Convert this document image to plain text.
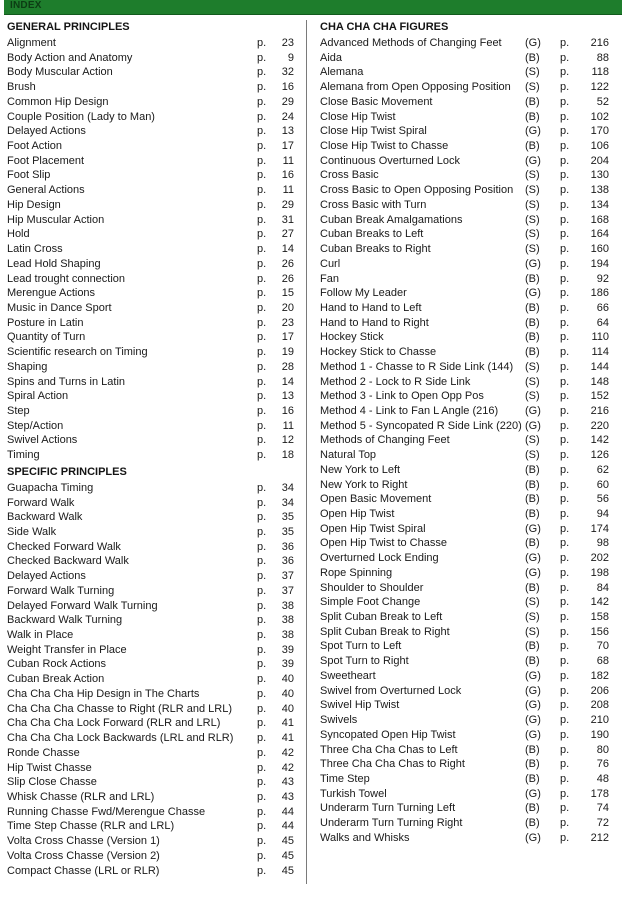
INDEX
GENERAL PRINCIPLES
Alignment	p.	23
Body Action and Anatomy	p.	9
Body Muscular Action	p.	32
Brush	p.	16
Common Hip Design	p.	29
Couple Position (Lady to Man)	p.	24
Delayed Actions	p.	13
Foot Action	p.	17
Foot Placement	p.	11
Foot Slip	p.	16
General Actions	p.	11
Hip Design	p.	29
Hip Muscular Action	p.	31
Hold	p.	27
Latin Cross	p.	14
Lead Hold Shaping	p.	26
Lead trought connection	p.	26
Merengue Actions	p.	15
Music in Dance Sport	p.	20
Posture in Latin	p.	23
Quantity of Turn	p.	17
Scientific research on Timing	p.	19
Shaping	p.	28
Spins and Turns in Latin	p.	14
Spiral Action	p.	13
Step	p.	16
Step/Action	p.	11
Swivel Actions	p.	12
Timing	p.	18
SPECIFIC PRINCIPLES
Guapacha Timing	p.	34
Forward Walk	p.	34
Backward Walk	p.	35
Side Walk	p.	35
Checked Forward Walk	p.	36
Checked Backward Walk	p.	36
Delayed Actions	p.	37
Forward Walk Turning	p.	37
Delayed Forward Walk Turning	p.	38
Backward Walk Turning	p.	38
Walk in Place	p.	38
Weight Transfer in Place	p.	39
Cuban Rock Actions	p.	39
Cuban Break Action	p.	40
Cha Cha Cha Hip Design in The Charts	p.	40
Cha Cha Cha Chasse to Right (RLR and LRL) p.	40
Cha Cha Cha Lock Forward (RLR and LRL)	p.	41
Cha Cha Cha Lock Backwards (LRL and RLR) p.	41
Ronde Chasse	p.	42
Hip Twist Chasse	p.	42
Slip Close Chasse	p.	43
Whisk Chasse (RLR and LRL)	p.	43
Running Chasse Fwd/Merengue Chasse	p.	44
Time Step Chasse (RLR and LRL)	p.	44
Volta Cross Chasse (Version 1)	p.	45
Volta Cross Chasse (Version 2)	p.	45
Compact Chasse (LRL or RLR)	p.	45
CHA CHA CHA FIGURES
Advanced Methods of Changing Feet (G) p.	216
Aida	(B) p.	88
Alemana	(S) p.	118
Alemana from Open Opposing Position (S) p.	122
Close Basic Movement	(B) p.	52
Close Hip Twist	(B) p.	102
Close Hip Twist Spiral	(G) p.	170
Close Hip Twist to Chasse	(B) p.	106
Continuous Overturned Lock	(G) p.	204
Cross Basic	(S) p.	130
Cross Basic to Open Opposing Position (S) p.	138
Cross Basic with Turn	(S) p.	134
Cuban Break Amalgamations	(S) p.	168
Cuban Breaks to Left	(S) p.	164
Cuban Breaks to Right	(S) p.	160
Curl	(G) p.	194
Fan	(B) p.	92
Follow My Leader	(G) p.	186
Hand to Hand to Left	(B) p.	66
Hand to Hand to Right	(B) p.	64
Hockey Stick	(B) p.	110
Hockey Stick to Chasse	(B) p.	114
Method 1 - Chasse to R Side Link (144) (S) p.	144
Method 2 - Lock to R Side Link	(S) p.	148
Method 3 - Link to Open Opp Pos	(S) p.	152
Method 4 - Link to Fan L Angle (216) (G) p.	216
Method 5 - Syncopated R Side Link (220) (G) p.	220
Methods of Changing Feet	(S) p.	142
Natural Top	(S) p.	126
New York to Left	(B) p.	62
New York to Right	(B) p.	60
Open Basic Movement	(B) p.	56
Open Hip Twist	(B) p.	94
Open Hip Twist Spiral	(G) p.	174
Open Hip Twist to Chasse	(B) p.	98
Overturned Lock Ending	(G) p.	202
Rope Spinning	(G) p.	198
Shoulder to Shoulder	(B) p.	84
Simple Foot Change	(S) p.	142
Split Cuban Break to Left	(S) p.	158
Split Cuban Break to Right	(S) p.	156
Spot Turn to Left	(B) p.	70
Spot Turn to Right	(B) p.	68
Sweetheart	(G) p.	182
Swivel from Overturned Lock	(G) p.	206
Swivel Hip Twist	(G) p.	208
Swivels	(G) p.	210
Syncopated Open Hip Twist	(G) p.	190
Three Cha Cha Chas to Left	(B) p.	80
Three Cha Cha Chas to Right	(B) p.	76
Time Step	(B) p.	48
Turkish Towel	(G) p.	178
Underarm Turn Turning Left	(B) p.	74
Underarm Turn Turning Right	(B) p.	72
Walks and Whisks	(G) p.	212
